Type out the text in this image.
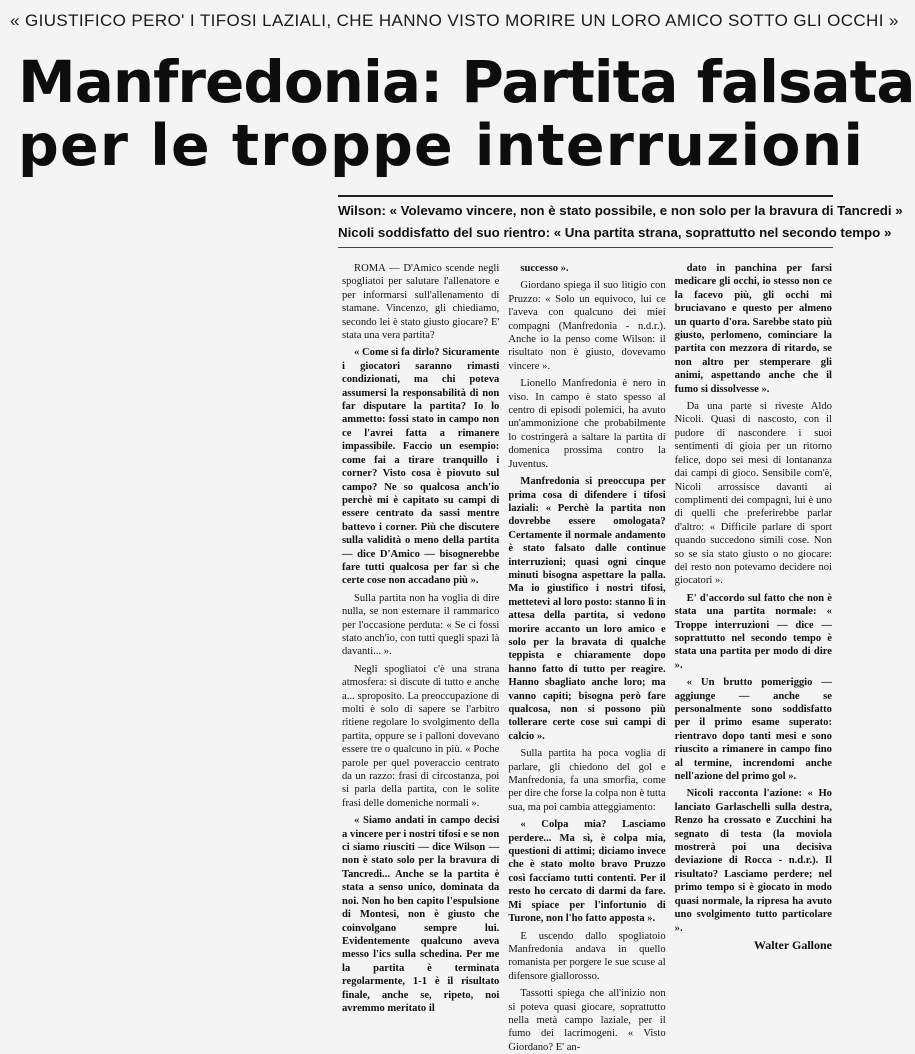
« GIUSTIFICO PERO' I TIFOSI LAZIALI, CHE HANNO VISTO MORIRE UN LORO AMICO SOTTO GLI OCCHI »
Manfredonia: Partita falsata
per le troppe interruzioni
Wilson: « Volevamo vincere, non è stato possibile, e non solo per la bravura di Tancredi »
Nicoli soddisfatto del suo rientro: « Una partita strana, soprattutto nel secondo tempo »

ROMA — D'Amico scende negli spogliatoi per salutare l'allenatore e per informarsi sull'allenamento di stamane. Vincenzo, gli chiediamo, secondo lei è stato giusto giocare? E' stata una vera partita?

« Come si fa dirlo? Sicuramente i giocatori saranno rimasti condizionati, ma chi poteva assumersi la responsabilità di non far disputare la partita? Io lo ammetto: fossi stato in campo non ce l'avrei fatta a rimanere impassibile. Faccio un esempio: come fai a tirare tranquillo i corner? Visto cosa è piovuto sul campo? Ne so qualcosa anch'io perchè mi è capitato su campi di essere centrato da sassi mentre battevo i corner. Più che discutere sulla validità o meno della partita — dice D'Amico — bisognerebbe fare tutti qualcosa per far sì che certe cose non accadano più ».

Sulla partita non ha voglia di dire nulla, se non esternare il rammarico per l'occasione perduta: « Se ci fossi stato anch'io, con tutti quegli spazi là davanti... ».

Negli spogliatoi c'è una strana atmosfera: si discute di tutto e anche a... sproposito. La preoccupazione di molti è solo di sapere se l'arbitro ritiene regolare lo svolgimento della partita, oppure se i palloni dovevano essere tre o qualcuno in più. « Poche parole per quel poveraccio centrato da un razzo: frasi di circostanza, poi si parla della partita, con le solite frasi delle domeniche normali ».

« Siamo andati in campo decisi a vincere per i nostri tifosi e se non ci siamo riusciti — dice Wilson — non è stato solo per la bravura di Tancredi... Anche se la partita è stata a senso unico, dominata da noi. Non ho ben capito l'espulsione di Montesi, non è giusto che coinvolgano sempre lui. Evidentemente qualcuno aveva messo l'ics sulla schedina. Per me la partita è terminata regolarmente, 1-1 è il risultato finale, anche se, ripeto, noi avremmo meritato il

successo ».

Giordano spiega il suo litigio con Pruzzo: « Solo un equivoco, lui ce l'aveva con qualcuno dei miei compagni (Manfredonia - n.d.r.). Anche io la penso come Wilson: il risultato non è giusto, dovevamo vincere ».

Lionello Manfredonia è nero in viso. In campo è stato spesso al centro di episodi polemici, ha avuto un'ammonizione che probabilmente lo costringerà a saltare la partita di domenica prossima contro la Juventus.

Manfredonia si preoccupa per prima cosa di difendere i tifosi laziali: « Perchè la partita non dovrebbe essere omologata? Certamente il normale andamento è stato falsato dalle continue interruzioni; quasi ogni cinque minuti bisogna aspettare la palla. Ma io giustifico i nostri tifosi, mettetevi al loro posto: stanno lì in attesa della partita, si vedono morire accanto un loro amico e solo per la bravata di qualche teppista e chiaramente dopo hanno fatto di tutto per reagire. Hanno sbagliato anche loro; ma vanno capiti; bisogna però fare qualcosa, non si possono più tollerare certe cose sui campi di calcio ».

Sulla partita ha poca voglia di parlare, gli chiedono del gol e Manfredonia, fa una smorfia, come per dire che forse la colpa non è tutta sua, ma poi cambia atteggiamento:

« Colpa mia? Lasciamo perdere... Ma sì, è colpa mia, questioni di attimi; diciamo invece che è stato molto bravo Pruzzo così facciamo tutti contenti. Per il resto ho cercato di darmi da fare. Mi spiace per l'infortunio di Turone, non l'ho fatto apposta ».

E uscendo dallo spogliatoio Manfredonia andava in quello romanista per porgere le sue scuse al difensore giallorosso.

Tassotti spiega che all'inizio non si poteva quasi giocare, soprattutto nella metà campo laziale, per il fumo dei lacrimogeni. « Visto Giordano? E' an-

dato in panchina per farsi medicare gli occhi, io stesso non ce la facevo più, gli occhi mi bruciavano e questo per almeno un quarto d'ora. Sarebbe stato più giusto, perlomeno, cominciare la partita con mezzora di ritardo, se non altro per stemperare gli animi, aspettando anche che il fumo si dissolvesse ».

Da una parte si riveste Aldo Nicoli. Quasi di nascosto, con il pudore di nascondere i suoi sentimenti di gioia per un ritorno felice, dopo sei mesi di lontananza dai campi di gioco. Sensibile com'è, Nicoli arrossisce davanti ai complimenti dei compagni, lui è uno di quelli che preferirebbe parlar d'altro: « Difficile parlare di sport quando succedono simili cose. Non so se sia stato giusto o no giocare: del resto non potevamo decidere noi giocatori ».

E' d'accordo sul fatto che non è stata una partita normale: « Troppe interruzioni — dice — soprattutto nel secondo tempo è stata una partita per modo di dire ».

« Un brutto pomeriggio — aggiunge — anche se personalmente sono soddisfatto per il primo esame superato: rientravo dopo tanti mesi e sono riuscito a rimanere in campo fino al termine, increndomi anche nell'azione del primo gol ».

Nicoli racconta l'azione: « Ho lanciato Garlaschelli sulla destra, Renzo ha crossato e Zucchini ha segnato di testa (la moviola mostrerà poi una decisiva deviazione di Rocca - n.d.r.). Il risultato? Lasciamo perdere; nel primo tempo si è giocato in modo quasi normale, la ripresa ha avuto uno svolgimento tutto particolare ».

Walter Gallone
